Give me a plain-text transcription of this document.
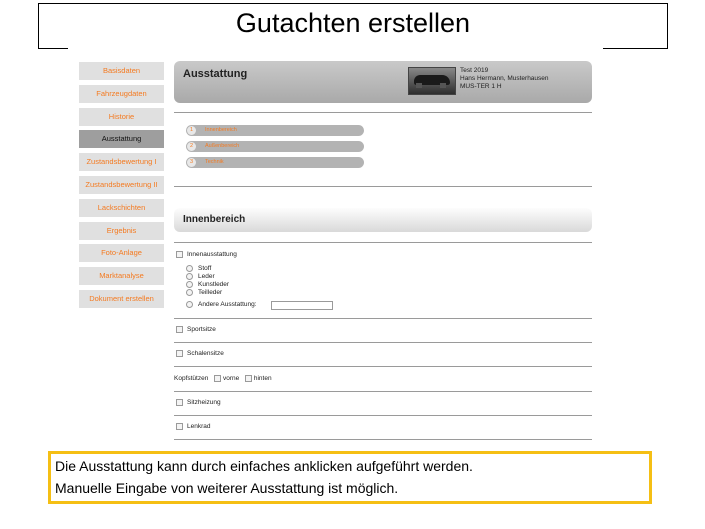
Gutachten erstellen
Basisdaten
Fahrzeugdaten
Historie
Ausstattung
Zustandsbewertung I
Zustandsbewertung II
Lackschichten
Ergebnis
Foto-Anlage
Marktanalyse
Dokument erstellen
Ausstattung	Test 2019
Hans Hermann, Musterhausen
MUS-TER 1 H
1	Innenbereich
2	Außenbereich
3	Technik
Innenbereich
Innenausstattung
Stoff
Leder
Kunstleder
Teilleder
Andere Ausstattung:
Sportsitze
Schalensitze
Kopfstützen vorne hinten
Sitzheizung
Lenkrad
Die Ausstattung kann durch einfaches anklicken aufgeführt werden.
Manuelle Eingabe von weiterer Ausstattung ist möglich.
